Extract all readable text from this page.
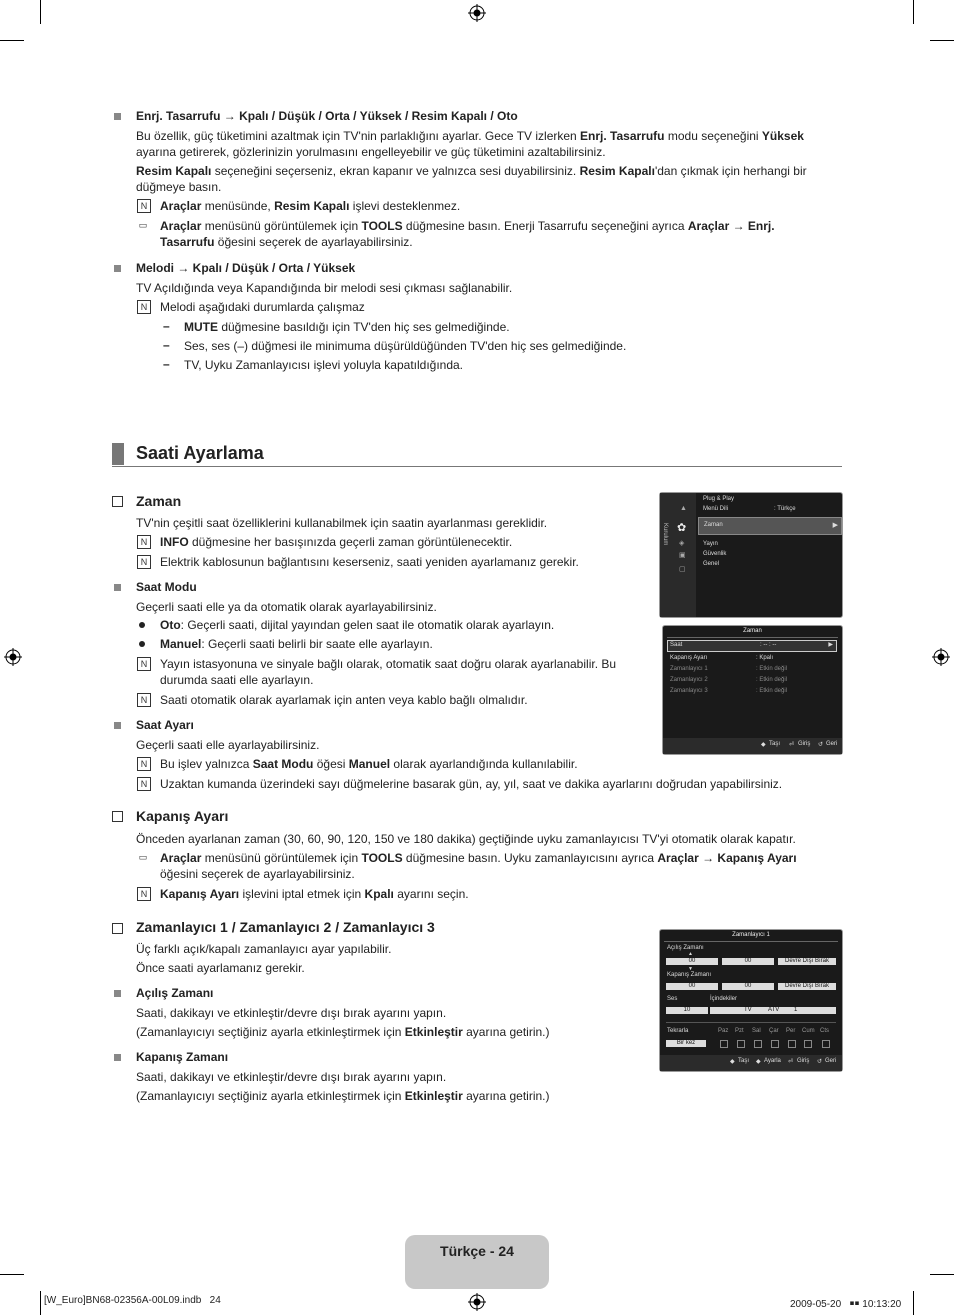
Enrj. Tasarrufu → Kpalı / Düşük / Orta / Yüksek / Resim Kapalı / Oto
Bu özellik, güç tüketimini azaltmak için TV'nin parlaklığını ayarlar. Gece TV izlerken Enrj. Tasarrufu modu seçeneğini Yüksek
ayarına getirerek, gözlerinizin yorulmasını engelleyebilir ve güç tüketimini azaltabilirsiniz.
Resim Kapalı seçeneğini seçerseniz, ekran kapanır ve yalnızca sesi duyabilirsiniz. Resim Kapalı'dan çıkmak için herhangi bir
düğmeye basın.
N	Araçlar menüsünde, Resim Kapalı işlevi desteklenmez.
▭ Araçlar menüsünü görüntülemek için TOOLS düğmesine basın. Enerji Tasarrufu seçeneğini ayrıca Araçlar → Enrj.
Tasarrufu öğesini seçerek de ayarlayabilirsiniz.
Melodi → Kpalı / Düşük / Orta / Yüksek
TV Açıldığında veya Kapandığında bir melodi sesi çıkması sağlanabilir.
N	Melodi aşağıdaki durumlarda çalışmaz
– MUTE düğmesine basıldığı için TV'den hiç ses gelmediğinde.
– Ses, ses (–) düğmesi ile minimuma düşürüldüğünden TV'den hiç ses gelmediğinde.
– TV, Uyku Zamanlayıcısı işlevi yoluyla kapatıldığında.
Saati Ayarlama
Zaman
TV'nin çeşitli saat özelliklerini kullanabilmek için saatin ayarlanması gereklidir.
N	INFO düğmesine her basışınızda geçerli zaman görüntülenecektir.
N	Elektrik kablosunun bağlantısını keserseniz, saati yeniden ayarlamanız gerekir.
Saat Modu
Geçerli saati elle ya da otomatik olarak ayarlayabilirsiniz.
Oto: Geçerli saati, dijital yayından gelen saat ile otomatik olarak ayarlayın.
Manuel: Geçerli saati belirli bir saate elle ayarlayın.
N	Yayın istasyonuna ve sinyale bağlı olarak, otomatik saat doğru olarak ayarlanabilir. Bu
durumda saati elle ayarlayın.
N	Saati otomatik olarak ayarlamak için anten veya kablo bağlı olmalıdır.
Saat Ayarı
Geçerli saati elle ayarlayabilirsiniz.
N	Bu işlev yalnızca Saat Modu öğesi Manuel olarak ayarlandığında kullanılabilir.
N	Uzaktan kumanda üzerindeki sayı düğmelerine basarak gün, ay, yıl, saat ve dakika ayarlarını doğrudan yapabilirsiniz.
Kapanış Ayarı
Önceden ayarlanan zaman (30, 60, 90, 120, 150 ve 180 dakika) geçtiğinde uyku zamanlayıcısı TV'yi otomatik olarak kapatır.
▭ Araçlar menüsünü görüntülemek için TOOLS düğmesine basın. Uyku zamanlayıcısını ayrıca Araçlar → Kapanış Ayarı
öğesini seçerek de ayarlayabilirsiniz.
N	Kapanış Ayarı işlevini iptal etmek için Kpalı ayarını seçin.
Zamanlayıcı 1 / Zamanlayıcı 2 / Zamanlayıcı 3
Üç farklı açık/kapalı zamanlayıcı ayar yapılabilir.
Önce saati ayarlamanız gerekir.
Açılış Zamanı
Saati, dakikayı ve etkinleştir/devre dışı bırak ayarını yapın.
(Zamanlayıcıyı seçtiğiniz ayarla etkinleştirmek için Etkinleştir ayarına getirin.)
Kapanış Zamanı
Saati, dakikayı ve etkinleştir/devre dışı bırak ayarını yapın.
(Zamanlayıcıyı seçtiğiniz ayarla etkinleştirmek için Etkinleştir ayarına getirin.)
Kurulum
▲
✿
◈
▣
▢
Plug & Play
Menü Dili	: Türkçe
Zaman	▶
Yayın
Güvenlik
Genel
Zaman
Saat	: -- : --	▶
Kapanış Ayarı	: Kpalı
Zamanlayıcı 1	: Etkin değil
Zamanlayıcı 2	: Etkin değil
Zamanlayıcı 3	: Etkin değil
◆ Taşı ⏎ Giriş ↺ Geri
Zamanlayıcı 1
Açılış Zamanı
▲
00	00	Devre Dışı Bırak
▼
Kapanış Zamanı
00	00	Devre Dışı Bırak
Ses	İçindekiler
10	TV	ATV 1
Tekrarla
Bir kez
Paz Pzt Sal Çar Per Cum Cts
◆ Taşı ◆ Ayarla ⏎ Giriş ↺ Geri
Türkçe - 24
[W_Euro]BN68-02356A-00L09.indb   24	2009-05-20   ￭￭ 10:13:20
